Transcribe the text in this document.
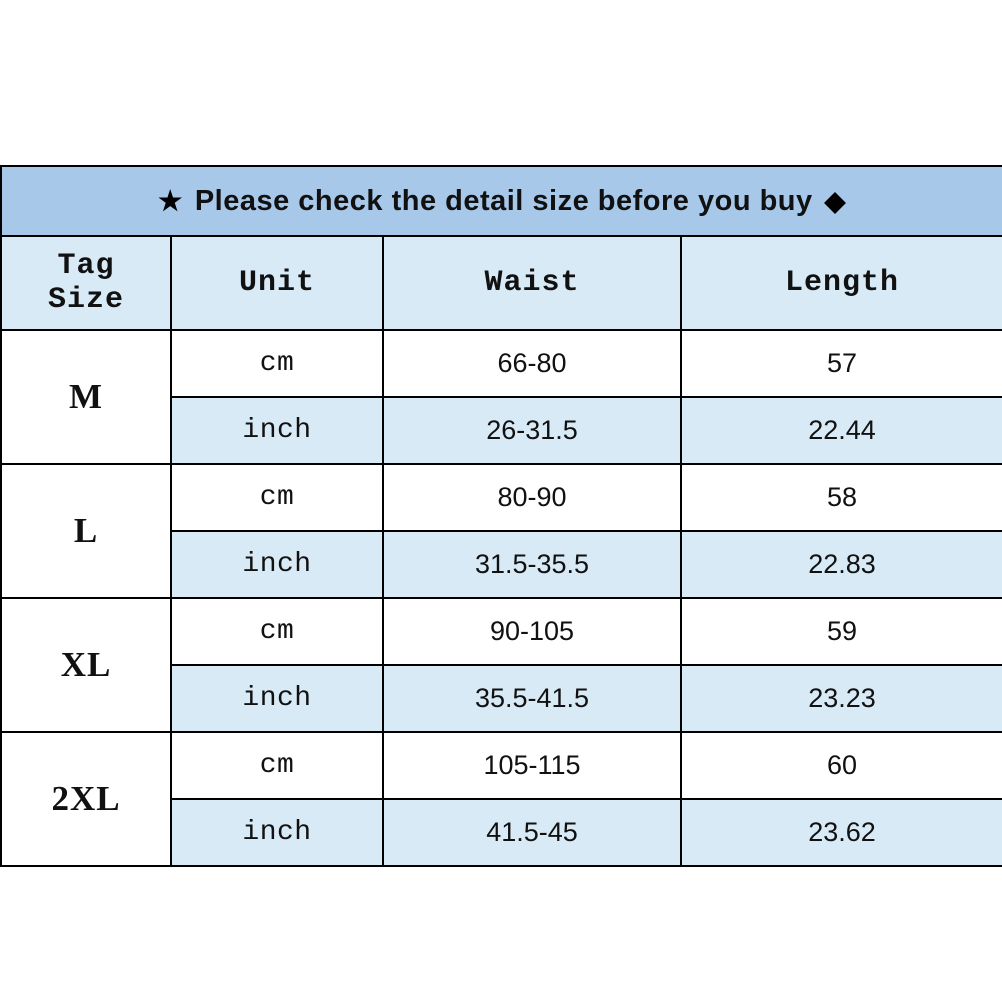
★ Please check the detail size before you buy ◆			

Tag
Size	Unit	Waist	Length
M	cm	66-80	57
	inch	26-31.5	22.44
L	cm	80-90	58
	inch	31.5-35.5	22.83
XL	cm	90-105	59
	inch	35.5-41.5	23.23
2XL	cm	105-115	60
	inch	41.5-45	23.62
